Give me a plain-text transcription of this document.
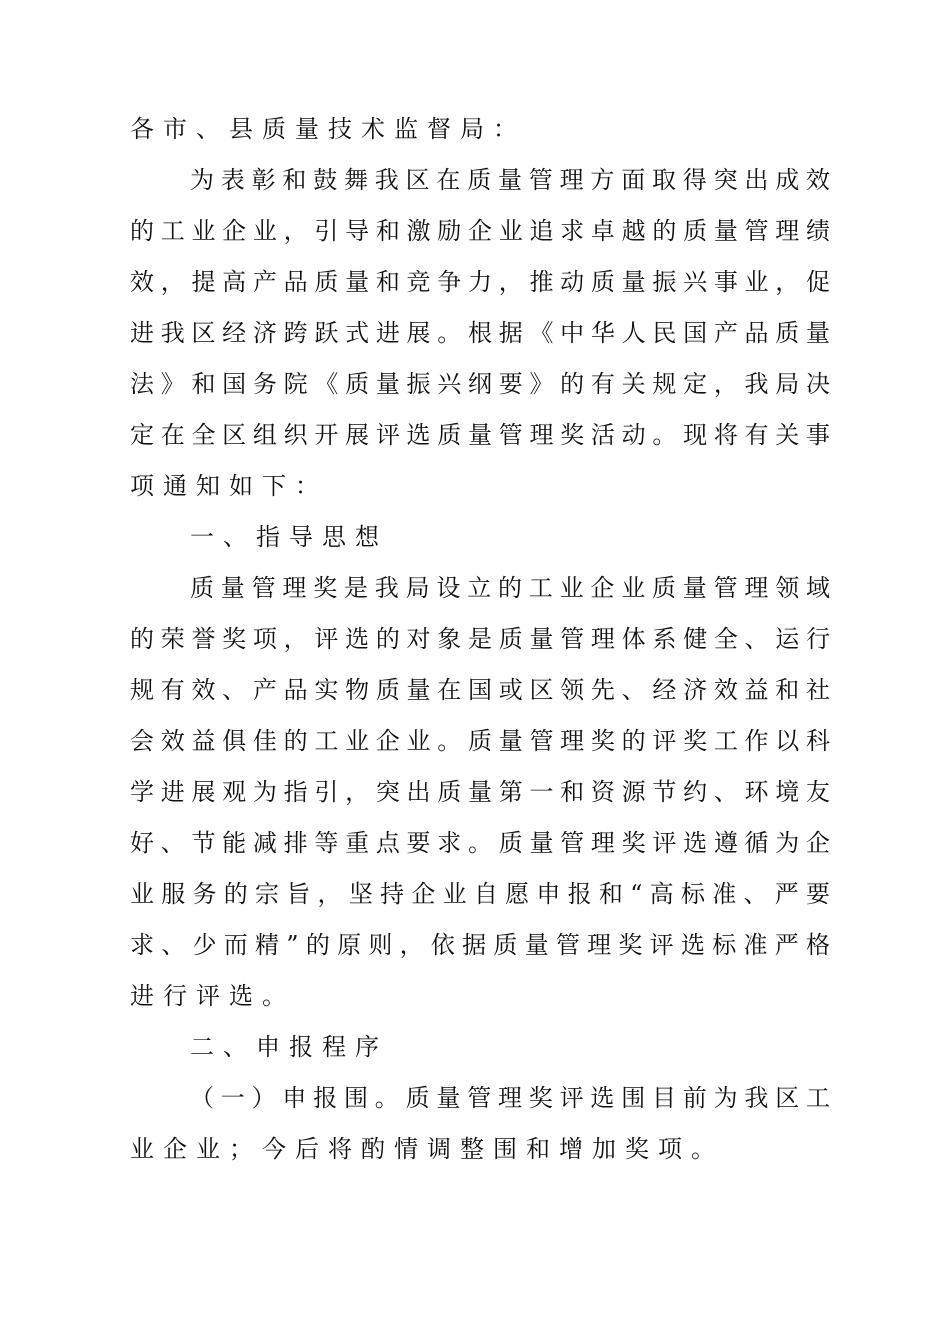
各市、县质量技术监督局：
为表彰和鼓舞我区在质量管理方面取得突出成效
的工业企业，引导和激励企业追求卓越的质量管理绩
效，提高产品质量和竞争力，推动质量振兴事业，促
进我区经济跨跃式进展。根据《中华人民国产品质量
法》和国务院《质量振兴纲要》的有关规定，我局决
定在全区组织开展评选质量管理奖活动。现将有关事
项通知如下：
一、指导思想
质量管理奖是我局设立的工业企业质量管理领域
的荣誉奖项，评选的对象是质量管理体系健全、运行
规有效、产品实物质量在国或区领先、经济效益和社
会效益俱佳的工业企业。质量管理奖的评奖工作以科
学进展观为指引，突出质量第一和资源节约、环境友
好、节能减排等重点要求。质量管理奖评选遵循为企
业服务的宗旨，坚持企业自愿申报和“高标准、严要
求、少而精”的原则，依据质量管理奖评选标准严格
进行评选。
二、申报程序
（一）申报围。质量管理奖评选围目前为我区工
业企业；今后将酌情调整围和增加奖项。
